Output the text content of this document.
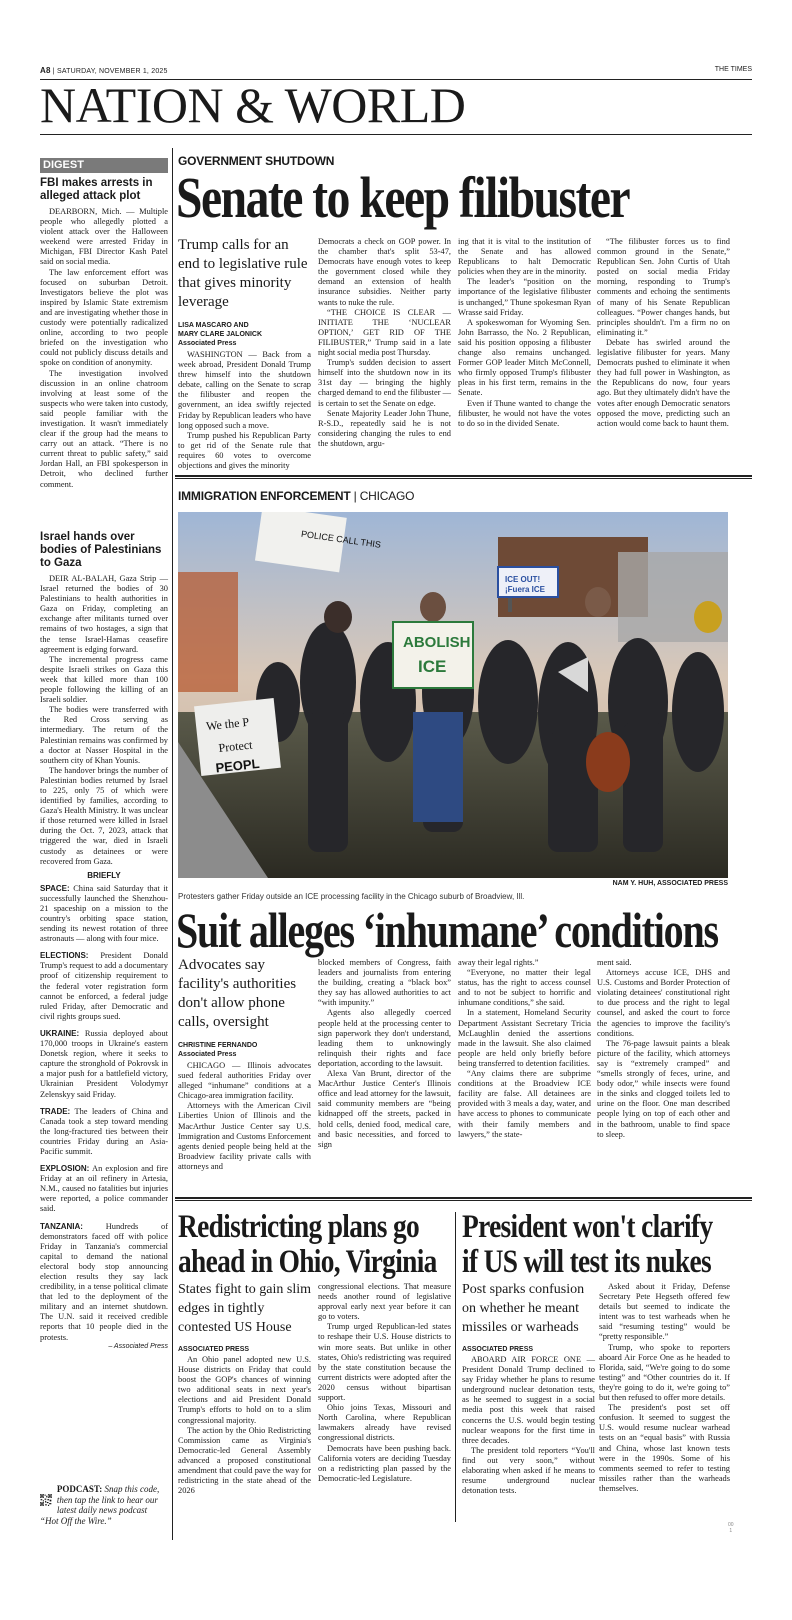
A8 | SATURDAY, NOVEMBER 1, 2025	THE TIMES
NATION & WORLD
DIGEST
FBI makes arrests in alleged attack plot

DEARBORN, Mich. — Multiple people who allegedly plotted a violent attack over the Halloween weekend were arrested Friday in Michigan, FBI Director Kash Patel said on social media.

The law enforcement effort was focused on suburban Detroit. Investigators believe the plot was inspired by Islamic State extremism and are investigating whether those in custody were potentially radicalized online, according to two people briefed on the investigation who could not publicly discuss details and spoke on condition of anonymity.

The investigation involved discussion in an online chatroom involving at least some of the suspects who were taken into custody, said people familiar with the investigation. It wasn't immediately clear if the group had the means to carry out an attack. “There is no current threat to public safety,” said Jordan Hall, an FBI spokesperson in Detroit, who declined further comment.

Israel hands over bodies of Palestinians to Gaza

DEIR AL-BALAH, Gaza Strip — Israel returned the bodies of 30 Palestinians to health authorities in Gaza on Friday, completing an exchange after militants turned over remains of two hostages, a sign that the tense Israel-Hamas ceasefire agreement is edging forward.

The incremental progress came despite Israeli strikes on Gaza this week that killed more than 100 people following the killing of an Israeli soldier.

The bodies were transferred with the Red Cross serving as intermediary. The return of the Palestinian remains was confirmed by a doctor at Nasser Hospital in the southern city of Khan Younis.

The handover brings the number of Palestinian bodies returned by Israel to 225, only 75 of which were identified by families, according to Gaza's Health Ministry. It was unclear if those returned were killed in Israel during the Oct. 7, 2023, attack that triggered the war, died in Israeli custody as detainees or were recovered from Gaza.

BRIEFLY

SPACE: China said Saturday that it successfully launched the Shenzhou-21 spaceship on a mission to the country's orbiting space station, sending its newest rotation of three astronauts — along with four mice.

ELECTIONS: President Donald Trump's request to add a documentary proof of citizenship requirement to the federal voter registration form cannot be enforced, a federal judge ruled Friday, after Democratic and civil rights groups sued.

UKRAINE: Russia deployed about 170,000 troops in Ukraine's eastern Donetsk region, where it seeks to capture the stronghold of Pokrovsk in a major push for a battlefield victory, Ukrainian President Volodymyr Zelenskyy said Friday.

TRADE: The leaders of China and Canada took a step toward mending the long-fractured ties between their countries Friday during an Asia-Pacific summit.

EXPLOSION: An explosion and fire Friday at an oil refinery in Artesia, N.M., caused no fatalities but injuries were reported, a police commander said.

TANZANIA:	Hundreds of demonstrators faced off with police Friday in Tanzania's commercial capital to demand the national electoral body stop announcing election results they say lack credibility, in a tense political climate that led to the deployment of the military and an internet shutdown. The U.N. said it received credible reports that 10 people died in the protests.

– Associated Press
PODCAST: Snap this code, then tap the link to hear our latest daily news podcast
“Hot Off the Wire.”
GOVERNMENT SHUTDOWN
Senate to keep filibuster
Trump calls for an end to legislative rule that gives minority leverage
LISA MASCARO AND
MARY CLARE JALONICK
Associated Press

WASHINGTON — Back from a week abroad, President Donald Trump threw himself into the shutdown debate, calling on the Senate to scrap the filibuster and reopen the government, an idea swiftly rejected Friday by Republican leaders who have long opposed such a move.

Trump pushed his Republican Party to get rid of the Senate rule that requires 60 votes to overcome objections and gives the minority

Democrats a check on GOP power. In the chamber that's split 53-47, Democrats have enough votes to keep the government closed while they demand an extension of health insurance subsidies. Neither party wants to nuke the rule.

“THE CHOICE IS CLEAR — INITIATE THE ‘NUCLEAR OPTION,’ GET RID OF THE FILIBUSTER,” Trump said in a late night social media post Thursday.

Trump's sudden decision to assert himself into the shutdown now in its 31st day — bringing the highly charged demand to end the filibuster — is certain to set the Senate on edge.

Senate Majority Leader John Thune, R-S.D., repeatedly said he is not considering changing the rules to end the shutdown, argu-

ing that it is vital to the institution of the Senate and has allowed Republicans to halt Democratic policies when they are in the minority.

The leader's “position on the importance of the legislative filibuster is unchanged,” Thune spokesman Ryan Wrasse said Friday.

A spokeswoman for Wyoming Sen. John Barrasso, the No. 2 Republican, said his position opposing a filibuster change also remains unchanged. Former GOP leader Mitch McConnell, who firmly opposed Trump's filibuster pleas in his first term, remains in the Senate.

Even if Thune wanted to change the filibuster, he would not have the votes to do so in the divided Senate.

“The filibuster forces us to find common ground in the Senate,” Republican Sen. John Curtis of Utah posted on social media Friday morning, responding to Trump's comments and echoing the sentiments of many of his Senate Republican colleagues. “Power changes hands, but principles shouldn't. I'm a firm no on eliminating it.”

Debate has swirled around the legislative filibuster for years. Many Democrats pushed to eliminate it when they had full power in Washington, as the Republicans do now, four years ago. But they ultimately didn't have the votes after enough Democratic senators opposed the move, predicting such an action would come back to haunt them.

IMMIGRATION ENFORCEMENT | CHICAGO
POLICE CALL THIS
ABOLISH
ICE
ICE OUT!
¡Fuera ICE
We the P
Protect
PEOPL
NAM Y. HUH, ASSOCIATED PRESS
Protesters gather Friday outside an ICE processing facility in the Chicago suburb of Broadview, Ill.
Suit alleges ‘inhumane’ conditions
Advocates say facility's authorities don't allow phone calls, oversight
CHRISTINE FERNANDO
Associated Press

CHICAGO — Illinois advocates sued federal authorities Friday over alleged “inhumane” conditions at a Chicago-area immigration facility.

Attorneys with the American Civil Liberties Union of Illinois and the MacArthur Justice Center say U.S. Immigration and Customs Enforcement agents denied people being held at the Broadview facility private calls with attorneys and

blocked members of Congress, faith leaders and journalists from entering the building, creating a “black box” they say has allowed authorities to act “with impunity.”

Agents also allegedly coerced people held at the processing center to sign paperwork they don't understand, leading them to unknowingly relinquish their rights and face deportation, according to the lawsuit.

Alexa Van Brunt, director of the MacArthur Justice Center's Illinois office and lead attorney for the lawsuit, said community members are “being kidnapped off the streets, packed in hold cells, denied food, medical care, and basic necessities, and forced to sign

away their legal rights.”

“Everyone, no matter their legal status, has the right to access counsel and to not be subject to horrific and inhumane conditions,” she said.

In a statement, Homeland Security Department Assistant Secretary Tricia McLaughlin denied the assertions made in the lawsuit. She also claimed people are held only briefly before being transferred to detention facilities.

“Any claims there are subprime conditions at the Broadview ICE facility are false. All detainees are provided with 3 meals a day, water, and have access to phones to communicate with their family members and lawyers,” the state-

ment said.

Attorneys accuse ICE, DHS and U.S. Customs and Border Protection of violating detainees' constitutional right to due process and the right to legal counsel, and asked the court to force the agencies to improve the facility's conditions.

The 76-page lawsuit paints a bleak picture of the facility, which attorneys say is “extremely cramped” and “smells strongly of feces, urine, and body odor,” while insects were found in the sinks and clogged toilets led to urine on the floor. One man described people lying on top of each other and in the bathroom, unable to find space to sleep.

Redistricting plans go
ahead in Ohio, Virginia
States fight to gain slim edges in tightly contested US House
ASSOCIATED PRESS

An Ohio panel adopted new U.S. House districts on Friday that could boost the GOP's chances of winning two additional seats in next year's elections and aid President Donald Trump's efforts to hold on to a slim congressional majority.

The action by the Ohio Redistricting Commission came as Virginia's Democratic-led General Assembly advanced a proposed constitutional amendment that could pave the way for redistricting in the state ahead of the 2026

congressional elections. That measure needs another round of legislative approval early next year before it can go to voters.

Trump urged Republican-led states to reshape their U.S. House districts to win more seats. But unlike in other states, Ohio's redistricting was required by the state constitution because the current districts were adopted after the 2020 census without bipartisan support.

Ohio joins Texas, Missouri and North Carolina, where Republican lawmakers already have revised congressional districts.

Democrats have been pushing back. California voters are deciding Tuesday on a redistricting plan passed by the Democratic-led Legislature.

President won't clarify
if US will test its nukes
Post sparks confusion on whether he meant missiles or warheads
ASSOCIATED PRESS

ABOARD AIR FORCE ONE — President Donald Trump declined to say Friday whether he plans to resume underground nuclear detonation tests, as he seemed to suggest in a social media post this week that raised concerns the U.S. would begin testing nuclear weapons for the first time in three decades.

The president told reporters “You'll find out very soon,” without elaborating when asked if he means to resume underground nuclear detonation tests.

Asked about it Friday, Defense Secretary Pete Hegseth offered few details but seemed to indicate the intent was to test warheads when he said “resuming testing” would be “pretty responsible.”

Trump, who spoke to reporters aboard Air Force One as he headed to Florida, said, “We're going to do some testing” and “Other countries do it. If they're going to do it, we're going to” but then refused to offer more details.

The president's post set off confusion. It seemed to suggest the U.S. would resume nuclear warhead tests on an “equal basis” with Russia and China, whose last known tests were in the 1990s. Some of his comments seemed to refer to testing missiles rather than the warheads themselves.

00
1
